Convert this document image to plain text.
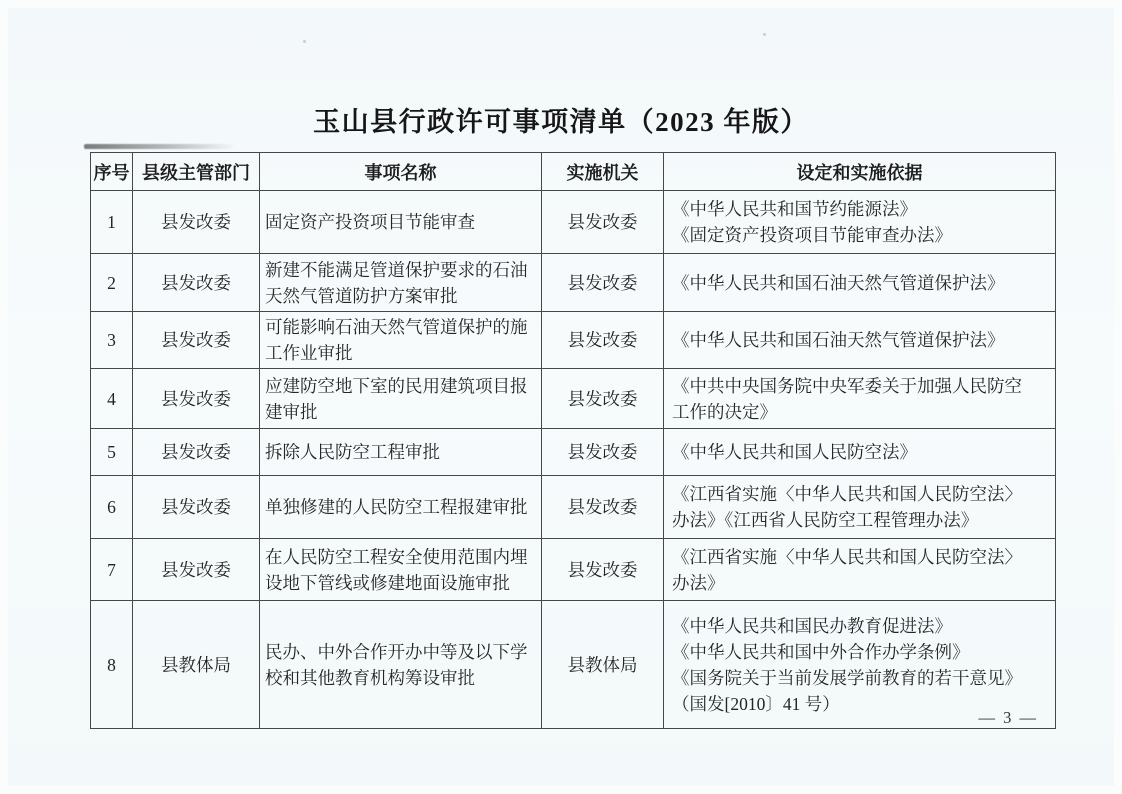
玉山县行政许可事项清单（2023 年版）
序号	县级主管部门	事项名称	实施机关	设定和实施依据
1	县发改委	固定资产投资项目节能审查	县发改委	《中华人民共和国节约能源法》
《固定资产投资项目节能审查办法》

2	县发改委	新建不能满足管道保护要求的石油天然气管道防护方案审批	县发改委	《中华人民共和国石油天然气管道保护法》

3	县发改委	可能影响石油天然气管道保护的施工作业审批	县发改委	《中华人民共和国石油天然气管道保护法》

4	县发改委	应建防空地下室的民用建筑项目报建审批	县发改委	《中共中央国务院中央军委关于加强人民防空工作的决定》

5	县发改委	拆除人民防空工程审批	县发改委	《中华人民共和国人民防空法》

6	县发改委	单独修建的人民防空工程报建审批	县发改委	《江西省实施〈中华人民共和国人民防空法〉办法》《江西省人民防空工程管理办法》
7	县发改委	在人民防空工程安全使用范围内埋设地下管线或修建地面设施审批	县发改委	《江西省实施〈中华人民共和国人民防空法〉办法》

8	县教体局	民办、中外合作开办中等及以下学校和其他教育机构筹设审批	县教体局	《中华人民共和国民办教育促进法》
《中华人民共和国中外合作办学条例》
《国务院关于当前发展学前教育的若干意见》（国发[2010〕41 号）
— 3 —
